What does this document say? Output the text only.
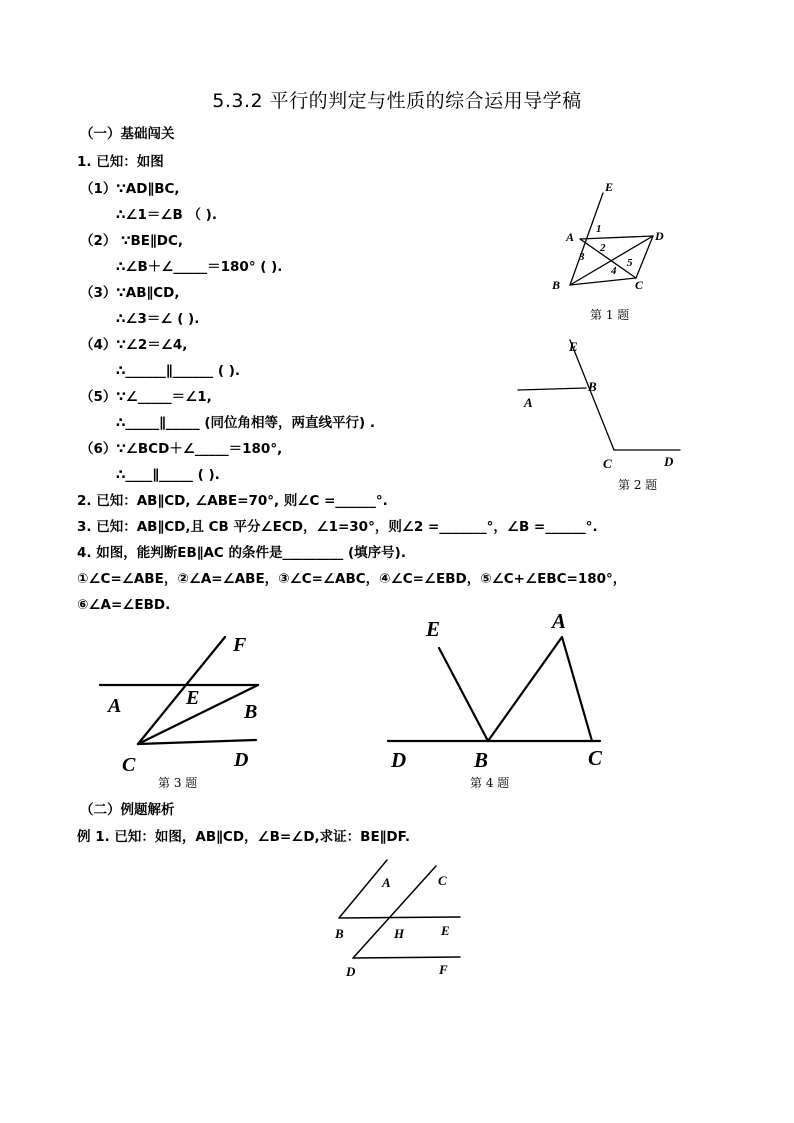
5.3.2 平行的判定与性质的综合运用导学稿
（一）基础闯关
1. 已知：如图
（1）∵AD∥BC,
∴∠1＝∠B （ ).
（2） ∵BE∥DC,
∴∠B＋∠_____＝180° ( ).
（3）∵AB∥CD,
∴∠3＝∠ ( ).
（4）∵∠2＝∠4,
∴______∥______ ( ).
（5）∵∠_____＝∠1,
∴_____∥_____ (同位角相等，两直线平行) .
（6）∵∠BCD＋∠_____＝180°,
∴____∥_____ ( ).
2. 已知：AB∥CD, ∠ABE=70°, 则∠C =______°.
3. 已知：AB∥CD,且 CB 平分∠ECD，∠1=30°，则∠2 =_______°，∠B =______°.
4. 如图，能判断EB∥AC 的条件是_________ (填序号).
①∠C=∠ABE，②∠A=∠ABE，③∠C=∠ABC，④∠C=∠EBD，⑤∠C+∠EBC=180°，
⑥∠A=∠EBD.
E
A	D
B	C
1
2
3
4
5
第 1 题
E
B
A
C	D
第 2 题
F
A	E
B
C	D
第 3 题
E	A
D	B	C
第 4 题
（二）例题解析
例 1. 已知：如图，AB∥CD，∠B=∠D,求证：BE∥DF.
A	C
B	H	E
D	F
